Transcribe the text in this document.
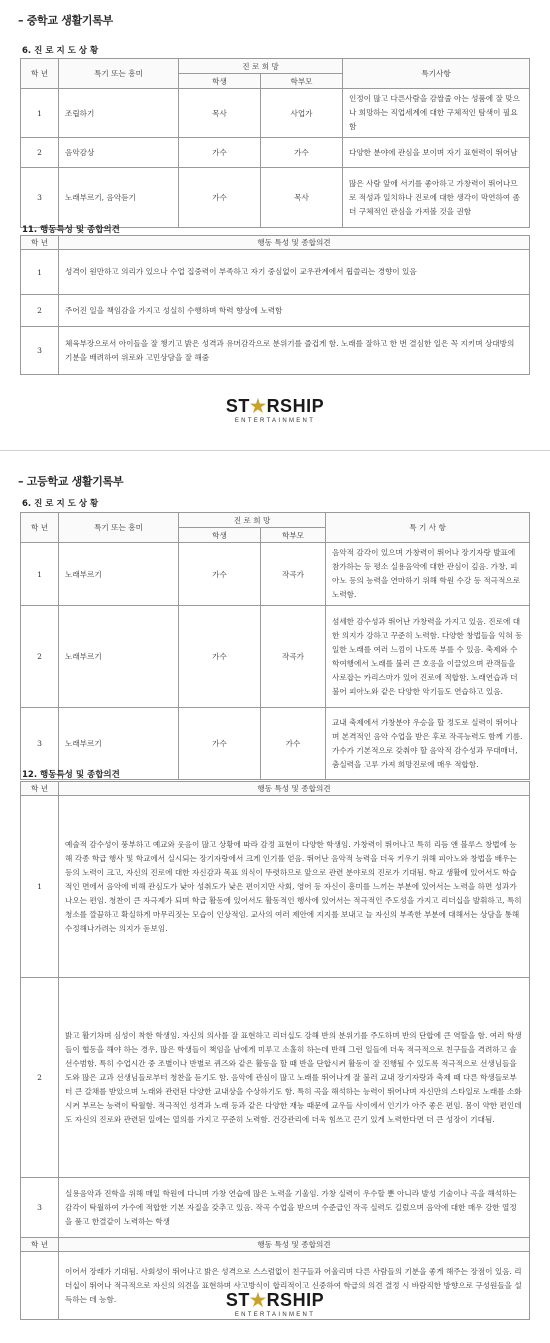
– 중학교 생활기록부
6. 진 로 지 도 상 황
학 년	특기 또는 흥미	진 로 희 망		특기사항
		학생	학부모	
1	조립하기	목사	사업가	인정이 많고 다른사람을 감쌀줄 아는 성품에 잘 맞으나 희망하는 직업세계에 대한 구체적인 탐색이 필요함
2	음악감상	가수	가수	다양한 분야에 관심을 보이며 자기 표현력이 뛰어남
3	노래부르기, 음악듣기	가수	목사	많은 사람 앞에 서기를 좋아하고 가창력이 뛰어나므로 적성과 일치하나 진로에 대한 생각이 막연하여 좀더 구체적인 관심을 가져볼 것을 권함
11. 행동특성 및 종합의견
학 년	행동 특성 및 종합의견
1	성격이 원만하고 의리가 있으나 수업 집중력이 부족하고 자기 중심없이 교우관계에서 휩쓸리는 경향이 있음
2	주어진 일을 책임감을 가지고 성실히 수행하며 학력 향상에 노력함
3	체육부장으로서 아이들을 잘 챙기고 밝은 성격과 유머감각으로 분위기를 즐겁게 함. 노래를 잘하고 한 번 결심한 일은 꼭 지키며 상대방의 기분을 배려하여 위로와 고민상담을 잘 해줌
ST★RSHIP
ENTERTAINMENT
– 고등학교 생활기록부
6. 진 로 지 도 상 황
학 년	특기 또는 흥미	진 로 희 망		특 기 사 항
		학생	학부모	
1	노래부르기	가수	작곡가	음악적 감각이 있으며 가창력이 뛰어나 장기자랑 발표에 참가하는 등 평소 실용음악에 대한 관심이 깊음. 가창, 피아노 등의 능력을 연마하기 위해 학원 수강 등 적극적으로 노력함.
2	노래부르기	가수	작곡가	섬세한 감수성과 뛰어난 가창력을 가지고 있음. 진로에 대한 의지가 강하고 꾸준히 노력함. 다양한 창법들을 익혀 동일한 노래를 여러 느낌이 나도록 부를 수 있음. 축제와 수학여행에서 노래를 불러 큰 호응을 이끌었으며 관객들을 사로잡는 카리스마가 있어 진로에 적합함. 노래연습과 더불어 피아노와 같은 다양한 악기들도 연습하고 있음.
3	노래부르기	가수	가수	교내 축제에서 가창분야 우승을 할 정도로 실력이 뛰어나며 본격적인 음악 수업을 받은 후로 작곡능력도 함께 기름. 가수가 기본적으로 갖춰야 할 음악적 감수성과 무대매너, 춤실력을 고루 가져 희망진로에 매우 적합함.
12. 행동특성 및 종합의견
학 년	행동 특성 및 종합의견
1	예술적 감수성이 풍부하고 예교와 웃음이 많고 상황에 따라 감정 표현이 다양한 학생임. 가창력이 뛰어나고 특히 리듬 앤 블루스 창법에 능해 각종 학급 행사 및 학교에서 실시되는 장기자랑에서 크게 인기를 얻음. 뛰어난 음악적 능력을 더욱 키우기 위해 피아노와 창법을 배우는 등의 노력이 크고, 자신의 진로에 대한 자신감과 목표 의식이 뚜렷하므로 앞으로 관련 분야로의 진로가 기대됨. 학교 생활에 있어서도 학습적인 면에서 음악에 비해 관심도가 낮아 성취도가 낮은 편이지만 사회, 영어 등 자신이 흥미를 느끼는 부분에 있어서는 노력을 하면 성과가 나오는 편임. 청찬이 큰 자극제가 되며 학급 활동에 있어서도 활동적인 행사에 있어서는 적극적인 주도성을 가지고 리더십을 발휘하고, 특히 청소를 깔끔하고 확실하게 마무리짓는 모습이 인상적임. 교사의 여러 제안에 지지를 보내고 늘 자신의 부족한 부분에 대해서는 상담을 통해 수정해나가려는 의지가 돋보임.
2	밝고 활기차며 심성이 착한 학생임. 자신의 의사를 잘 표현하고 리더십도 강해 반의 분위기를 주도하며 반의 단합에 큰 역할을 함. 여러 학생들이 협동을 해야 하는 경우, 많은 학생들이 책임을 남에게 미루고 소홀히 하는데 반해 그런 일들에 더욱 적극적으로 친구들을 격려하고 솔선수범함. 특히 수업시간 중 조별이나 반별로 퀴즈와 같은 활동을 할 때 반을 단합시켜 활동이 잘 진행될 수 있도록 적극적으로 선생님들을 도와 많은 교과 선생님들로부터 청찬을 듣기도 함. 음악에 관심이 많고 노래를 뛰어나게 잘 불러 교내 장기자랑과 축제 때 다른 학생들로부터 큰 갈채를 받았으며 노래와 관련된 다양한 교내상을 수상하기도 함. 특히 곡을 해석하는 능력이 뛰어나며 자신만의 스타일로 노래를 소화시켜 부르는 능력이 탁월함. 적극적인 성격과 노래 등과 같은 다양한 재능 때문에 교우들 사이에서 인기가 아주 좋은 편임. 몸이 약한 편인데도 자신의 진로와 관련된 일에는 열의를 가지고 꾸준히 노력함. 건강관리에 더욱 힘쓰고 끈기 있게 노력한다면 더 큰 성장이 기대됨.
3	실용음악과 진학을 위해 매일 학원에 다니며 가창 연습에 많은 노력을 기울임. 가창 실력이 우수할 뿐 아니라 발성 기술이나 곡을 해석하는 감각이 탁월하여 가수에 적합한 기본 자질을 갖추고 있음. 작곡 수업을 받으며 수준급인 작곡 실력도 길렀으며 음악에 대한 매우 강한 열정을 품고 한결같이 노력하는 학생
학 년	행동 특성 및 종합의견
	이어서 장래가 기대됨. 사회성이 뛰어나고 밝은 성격으로 스스럼없이 친구들과 어울리며 다른 사람들의 기분을 좋게 해주는 장점이 있음. 리더십이 뛰어나 적극적으로 자신의 의견을 표현하며 사고방식이 합리적이고 신중하여 학급의 의견 결정 시 바람직한 방향으로 구성원들을 설득하는 데 능함.	ST★RSHIP
ENTERTAINMENT
